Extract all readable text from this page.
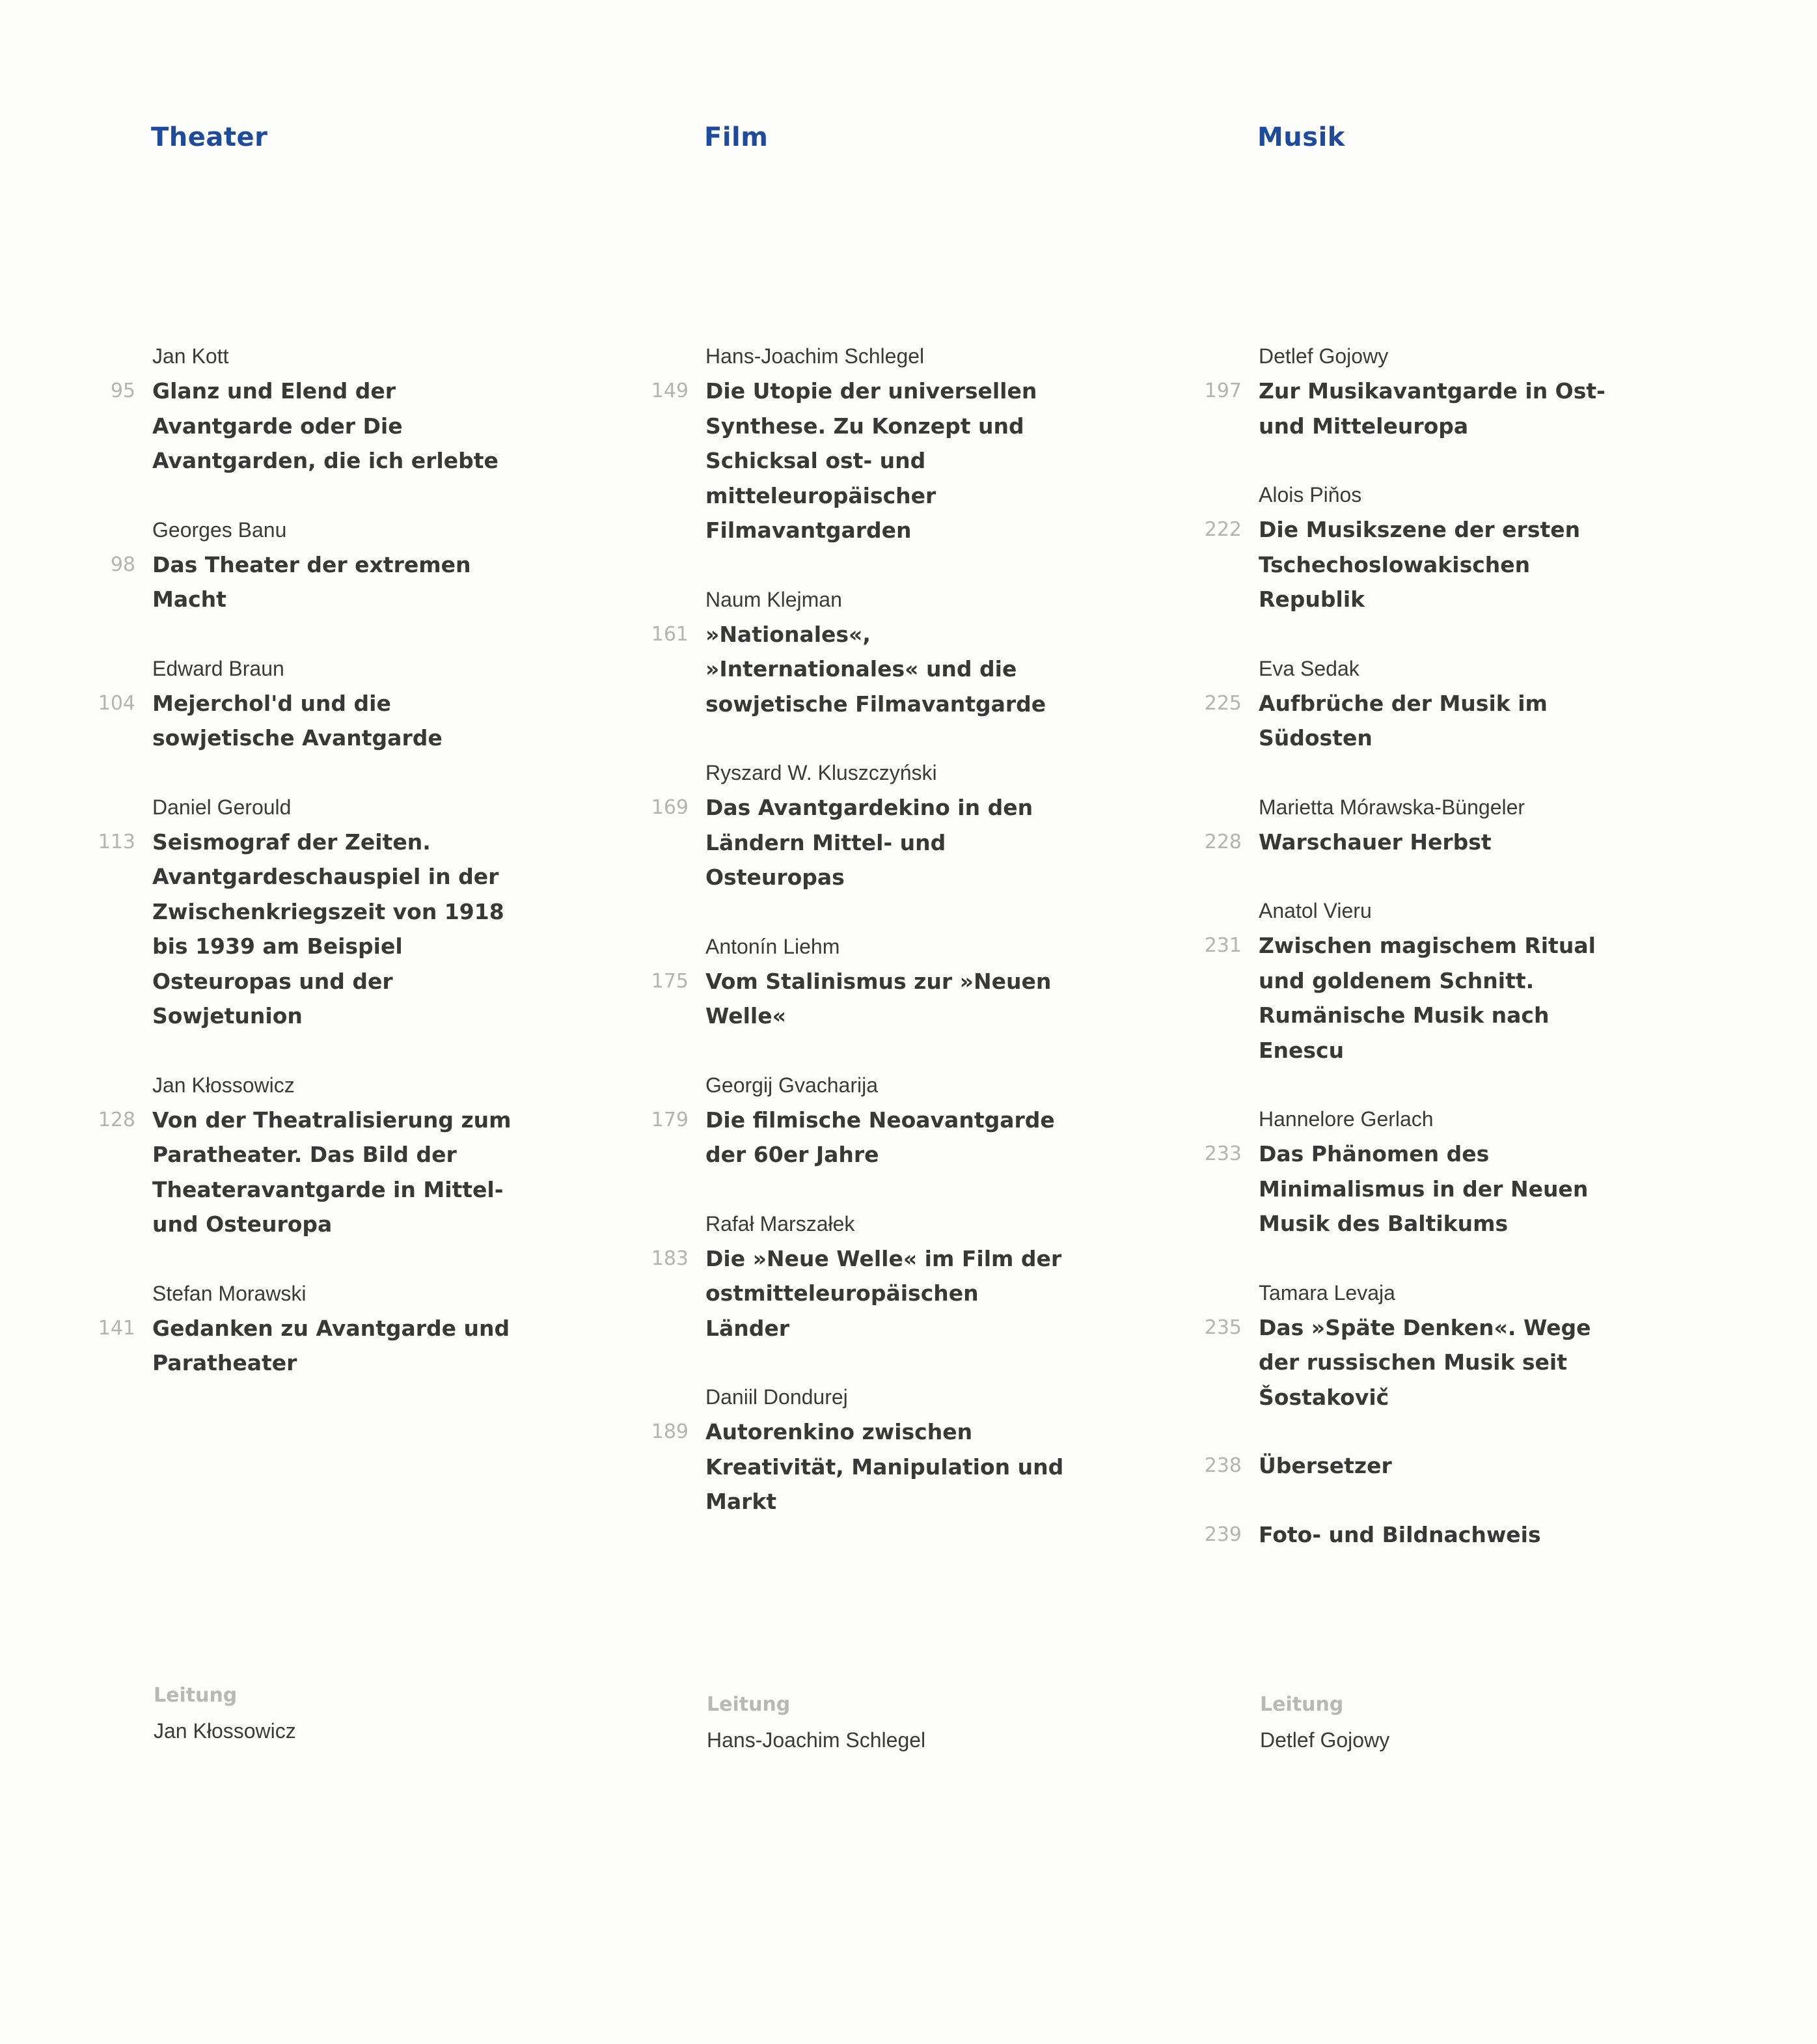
Theater
Jan Kott
95 Glanz und Elend der Avantgarde oder Die Avantgarden, die ich erlebte
Georges Banu
98 Das Theater der extremen Macht
Edward Braun
104 Mejerchol'd und die sowjetische Avantgarde
Daniel Gerould
113 Seismograf der Zeiten. Avantgardeschauspiel in der Zwischenkriegszeit von 1918 bis 1939 am Beispiel Osteuropas und der Sowjetunion
Jan Kłossowicz
128 Von der Theatralisierung zum Paratheater. Das Bild der Theateravantgarde in Mittel- und Osteuropa
Stefan Morawski
141 Gedanken zu Avantgarde und Paratheater
Leitung
Jan Kłossowicz
Film
Hans-Joachim Schlegel
149 Die Utopie der universellen Synthese. Zu Konzept und Schicksal ost- und mitteleuropäischer Filmavantgarden
Naum Klejman
161 »Nationales«, »Internationales« und die sowjetische Filmavantgarde
Ryszard W. Kluszczyński
169 Das Avantgardekino in den Ländern Mittel- und Osteuropas
Antonín Liehm
175 Vom Stalinismus zur »Neuen Welle«
Georgij Gvacharija
179 Die filmische Neoavantgarde der 60er Jahre
Rafał Marszałek
183 Die »Neue Welle« im Film der ostmitteleuropäischen Länder
Daniil Dondurej
189 Autorenkino zwischen Kreativität, Manipulation und Markt
Leitung
Hans-Joachim Schlegel
Musik
Detlef Gojowy
197 Zur Musikavantgarde in Ost- und Mitteleuropa
Alois Piňos
222 Die Musikszene der ersten Tschechoslowakischen Republik
Eva Sedak
225 Aufbrüche der Musik im Südosten
Marietta Mórawska-Büngeler
228 Warschauer Herbst
Anatol Vieru
231 Zwischen magischem Ritual und goldenem Schnitt. Rumänische Musik nach Enescu
Hannelore Gerlach
233 Das Phänomen des Minimalismus in der Neuen Musik des Baltikums
Tamara Levaja
235 Das »Späte Denken«. Wege der russischen Musik seit Šostakovič
238 Übersetzer
239 Foto- und Bildnachweis
Leitung
Detlef Gojowy
